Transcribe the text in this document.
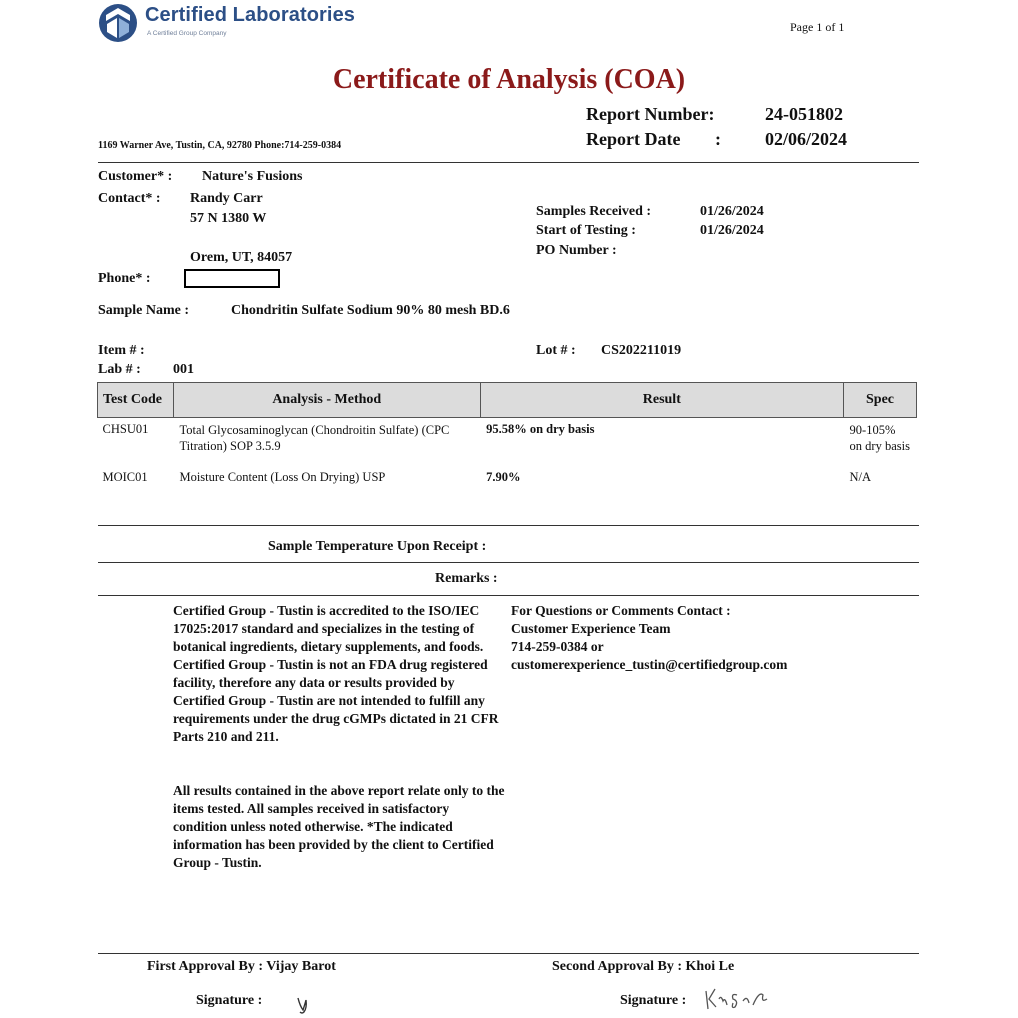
Certified Laboratories
A Certified Group Company	Page 1 of 1
Certificate of Analysis (COA)
Report Number:	24-051802
Report Date : 02/06/2024
1169 Warner Ave, Tustin, CA, 92780 Phone:714-259-0384
Customer* : Nature's Fusions
Contact* : Randy Carr
57 N 1380 W
Orem, UT, 84057
Phone* :
Samples Received :	01/26/2024
Start of Testing :	01/26/2024
PO Number :
Sample Name :	Chondritin Sulfate Sodium 90% 80 mesh BD.6
Item # :
Lab # : 001
Lot # : CS202211019
Test Code	Analysis - Method	Result	Spec
CHSU01	Total Glycosaminoglycan (Chondroitin Sulfate) (CPC Titration) SOP 3.5.9	95.58% on dry basis	90-105% on dry basis
MOIC01	Moisture Content (Loss On Drying) USP	7.90%	N/A
Sample Temperature Upon Receipt :
Remarks :
Certified Group - Tustin is accredited to the ISO/IEC 17025:2017 standard and specializes in the testing of botanical ingredients, dietary supplements, and foods. Certified Group - Tustin is not an FDA drug registered facility, therefore any data or results provided by Certified Group - Tustin are not intended to fulfill any requirements under the drug cGMPs dictated in 21 CFR Parts 210 and 211.
All results contained in the above report relate only to the items tested. All samples received in satisfactory condition unless noted otherwise. *The indicated information has been provided by the client to Certified Group - Tustin.
For Questions or Comments Contact :
Customer Experience Team
714-259-0384 or
customerexperience_tustin@certifiedgroup.com
First Approval By : Vijay Barot	Second Approval By : Khoi Le
Signature :	Signature :
